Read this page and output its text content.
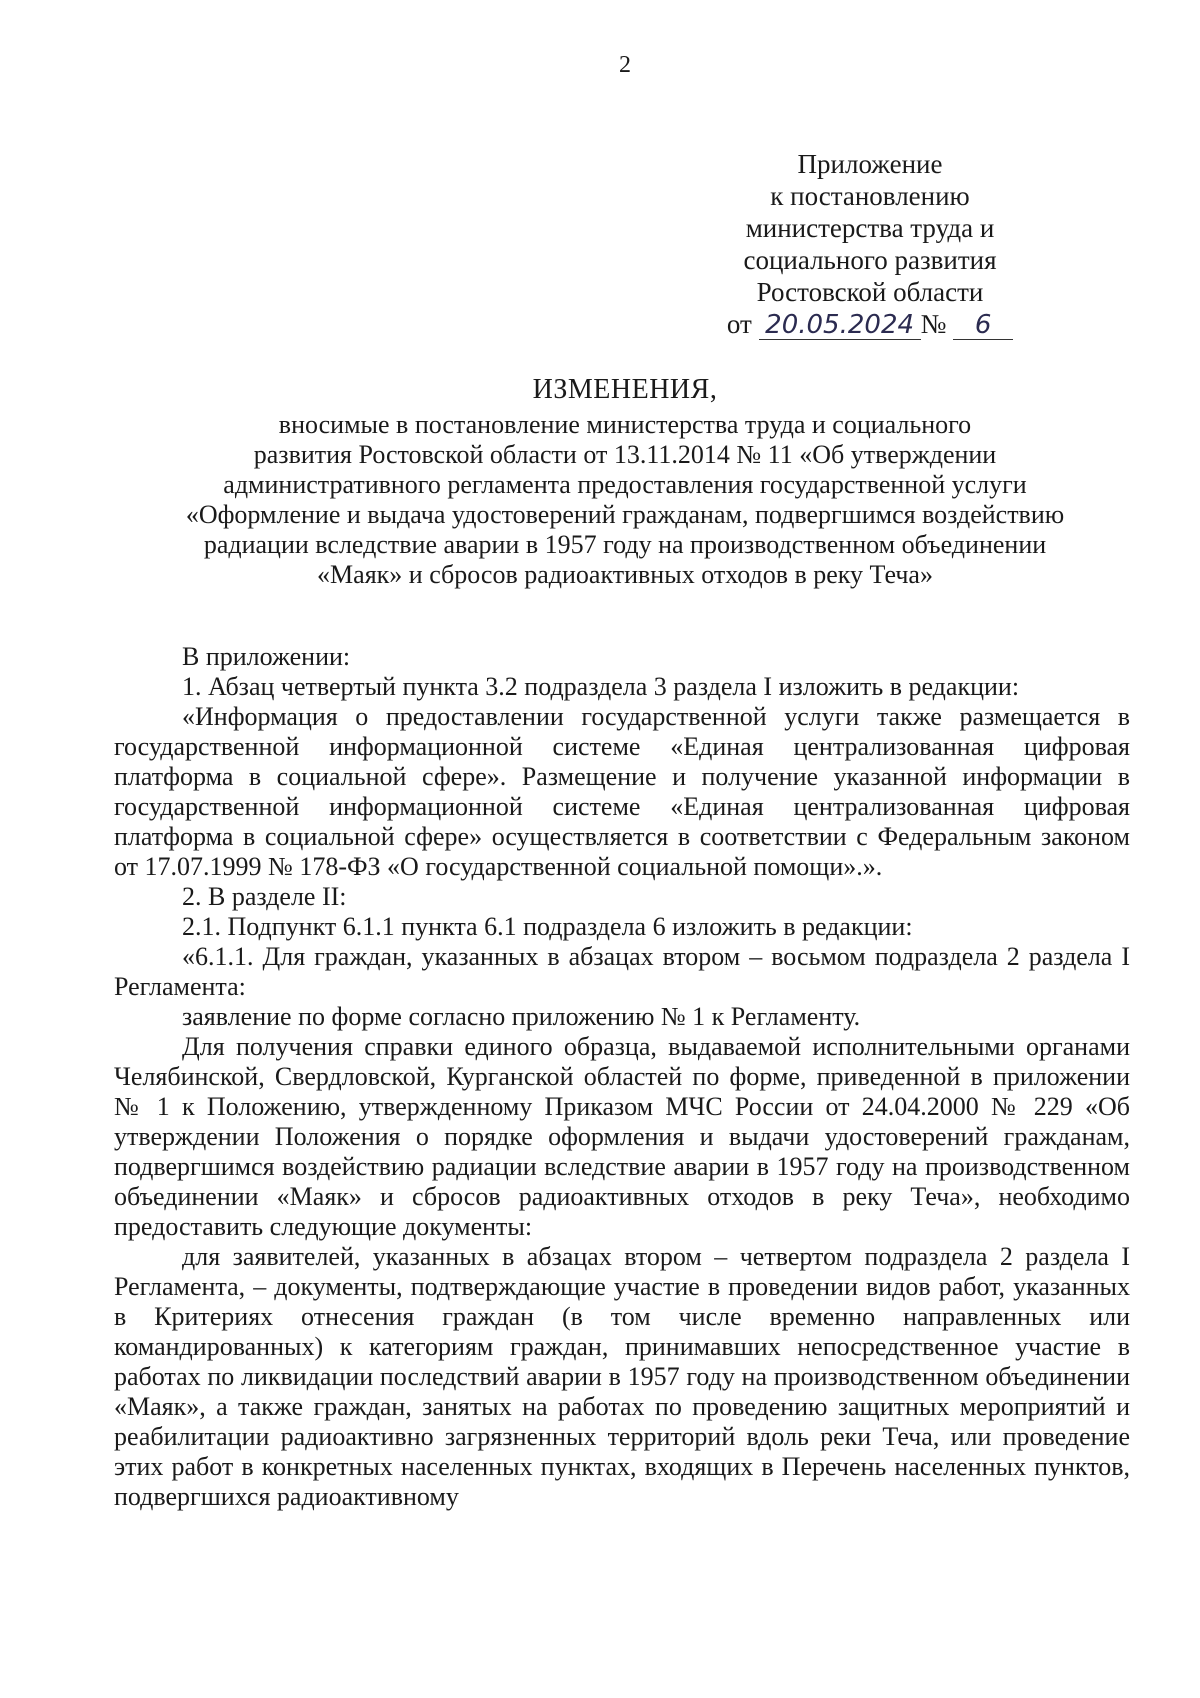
2
Приложение
к постановлению
министерства труда и
социального развития
Ростовской области
от 20.05.2024 № 6
ИЗМЕНЕНИЯ,
вносимые в постановление министерства труда и социального
развития Ростовской области от 13.11.2014 № 11 «Об утверждении
административного регламента предоставления государственной услуги
«Оформление и выдача удостоверений гражданам, подвергшимся воздействию
радиации вследствие аварии в 1957 году на производственном объединении
«Маяк» и сбросов радиоактивных отходов в реку Теча»

В приложении:

1. Абзац четвертый пункта 3.2 подраздела 3 раздела I изложить в редакции:

«Информация о предоставлении государственной услуги также размещается в государственной информационной системе «Единая централизованная цифровая платформа в социальной сфере». Размещение и получение указанной информации в государственной информационной системе «Единая централизованная цифровая платформа в социальной сфере» осуществляется в соответствии с Федеральным законом от 17.07.1999 № 178-ФЗ «О государственной социальной помощи».».

2. В разделе II:

2.1. Подпункт 6.1.1 пункта 6.1 подраздела 6 изложить в редакции:

«6.1.1. Для граждан, указанных в абзацах втором – восьмом подраздела 2 раздела I Регламента:

заявление по форме согласно приложению № 1 к Регламенту.

Для получения справки единого образца, выдаваемой исполнительными органами Челябинской, Свердловской, Курганской областей по форме, приведенной в приложении № 1 к Положению, утвержденному Приказом МЧС России от 24.04.2000 № 229 «Об утверждении Положения о порядке оформления и выдачи удостоверений гражданам, подвергшимся воздействию радиации вследствие аварии в 1957 году на производственном объединении «Маяк» и сбросов радиоактивных отходов в реку Теча», необходимо предоставить следующие документы:

для заявителей, указанных в абзацах втором – четвертом подраздела 2 раздела I Регламента, – документы, подтверждающие участие в проведении видов работ, указанных в Критериях отнесения граждан (в том числе временно направленных или командированных) к категориям граждан, принимавших непосредственное участие в работах по ликвидации последствий аварии в 1957 году на производственном объединении «Маяк», а также граждан, занятых на работах по проведению защитных мероприятий и реабилитации радиоактивно загрязненных территорий вдоль реки Теча, или проведение этих работ в конкретных населенных пунктах, входящих в Перечень населенных пунктов, подвергшихся радиоактивному
